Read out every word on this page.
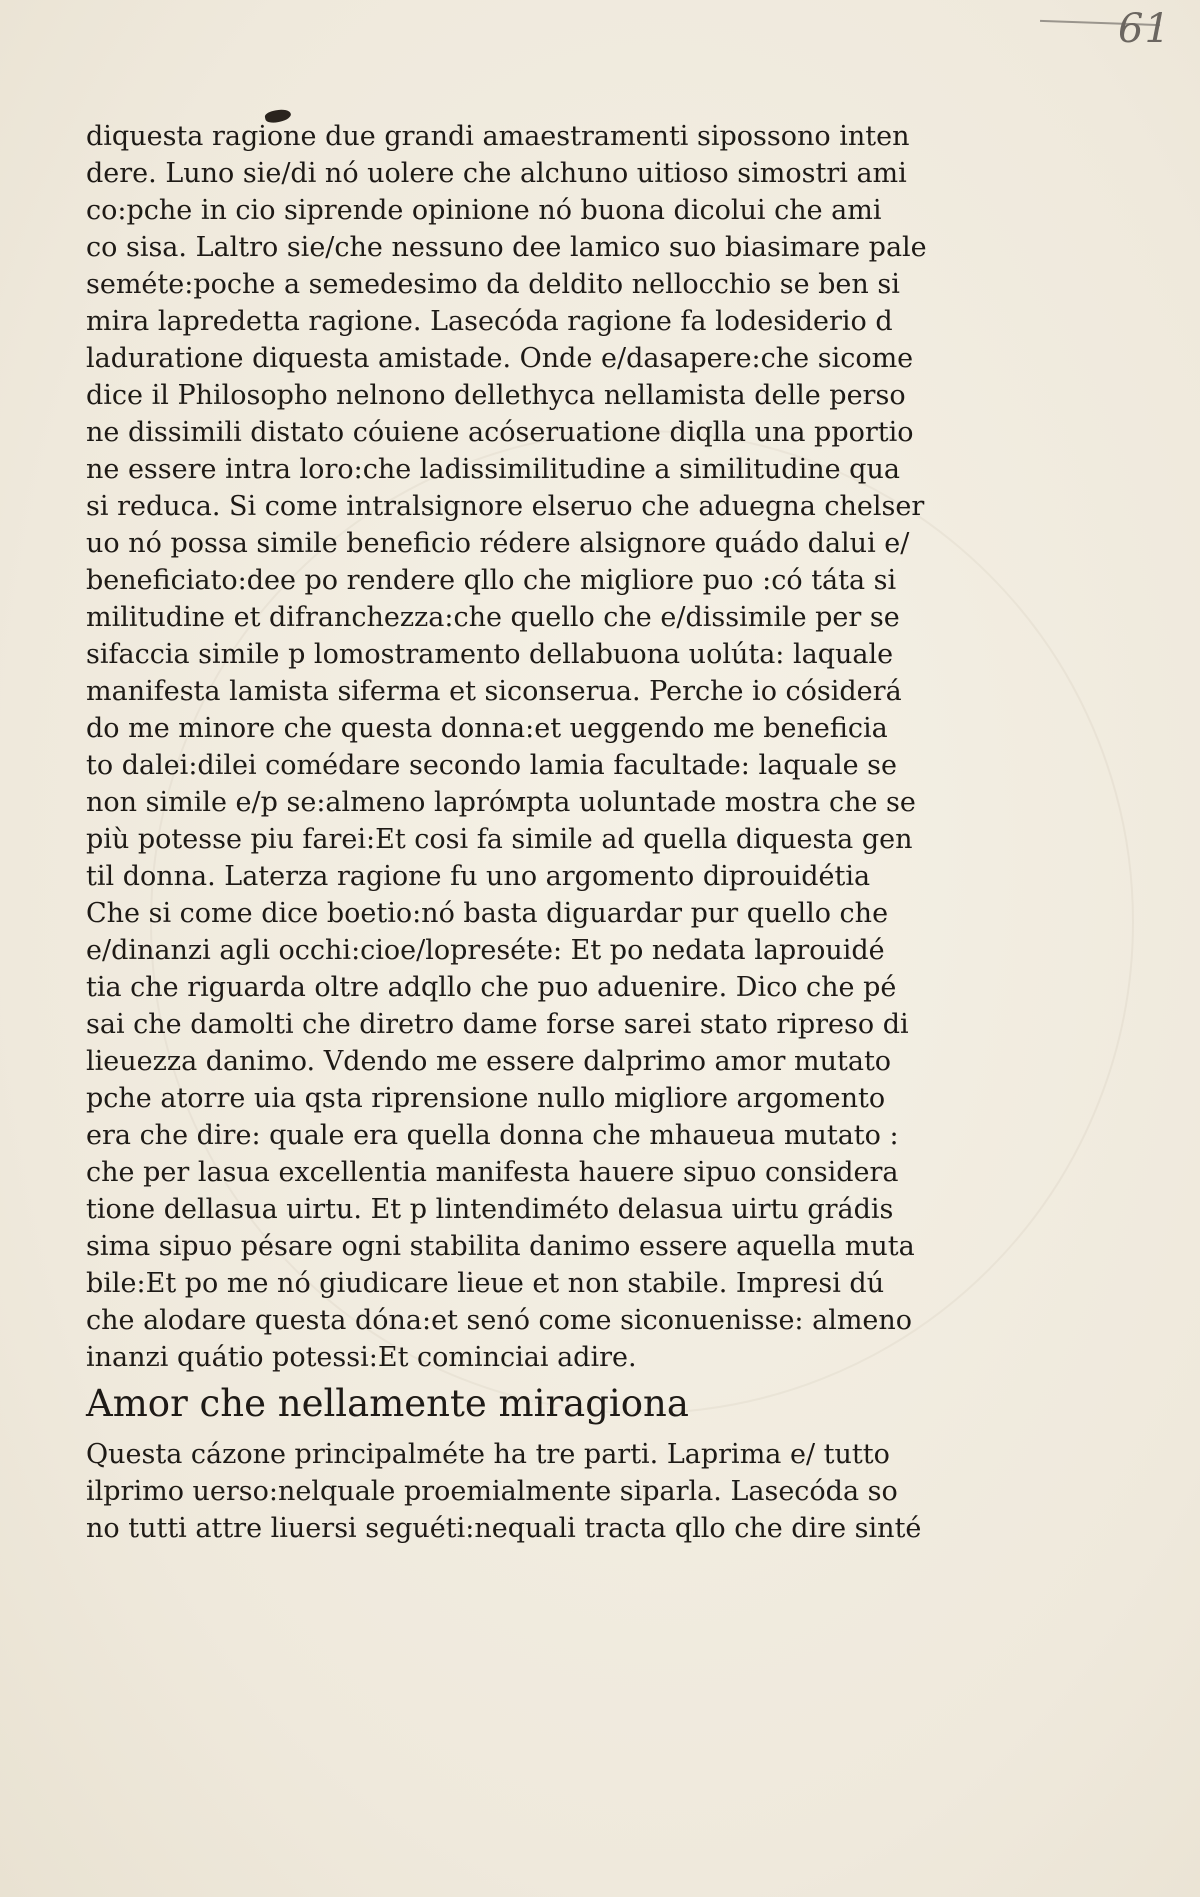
61
diquesta ragione due grandi amaestramenti sipossono inten
dere. Luno sie/di nó uolere che alchuno uitioso simostri ami
co:pche in cio siprende opinione nó buona dicolui che ami
co sisa. Laltro sie/che nessuno dee lamico suo biasimare pale
seméte:poche a semedesimo da deldito nellocchio se ben si
mira lapredetta ragione. Lasecóda ragione fa lodesiderio d
laduratione diquesta amistade. Onde e/dasapere:che sicome
dice il Philosopho nelnono dellethyca nellamista delle perso
ne dissimili distato cóuiene acóseruatione diqlla una pportio
ne essere intra loro:che ladissimilitudine a similitudine qua
si reduca. Si come intralsignore elseruo che aduegna chelser
uo nó possa simile beneficio rédere alsignore quádo dalui e/
beneficiato:dee po rendere qllo che migliore puo :có táta si
militudine et difranchezza:che quello che e/dissimile per se
sifaccia simile p lomostramento dellabuona uolúta: laquale
manifesta lamista siferma et siconserua. Perche io cósiderá
do me minore che questa donna:et ueggendo me beneficia
to dalei:dilei comédare secondo lamia facultade: laquale se
non simile e/p se:almeno lapróмpta uoluntade mostra che se
più potesse piu farei:Et cosi fa simile ad quella diquesta gen
til donna. Laterza ragione fu uno argomento diprouidétia
Che si come dice boetio:nó basta diguardar pur quello che
e/dinanzi agli occhi:cioe/lopreséte: Et po nedata laprouidé
tia che riguarda oltre adqllo che puo aduenire. Dico che pé
sai che damolti che diretro dame forse sarei stato ripreso di
lieuezza danimo. Vdendo me essere dalprimo amor mutato
pche atorre uia qsta riprensione nullo migliore argomento
era che dire: quale era quella donna che mhaueua mutato :
che per lasua excellentia manifesta hauere sipuo considera
tione dellasua uirtu. Et p lintendiméto delasua uirtu grádis
sima sipuo pésare ogni stabilita danimo essere aquella muta
bile:Et po me nó giudicare lieue et non stabile. Impresi dú
che alodare questa dóna:et senó come siconuenisse: almeno
inanzi quátio potessi:Et cominciai adire.
Amor che nellamente miragiona
Questa cázone principalméte ha tre parti. Laprima e/ tutto
ilprimo uerso:nelquale proemialmente siparla. Lasecóda so
no tutti attre liuersi seguéti:nequali tracta qllo che dire sinté
